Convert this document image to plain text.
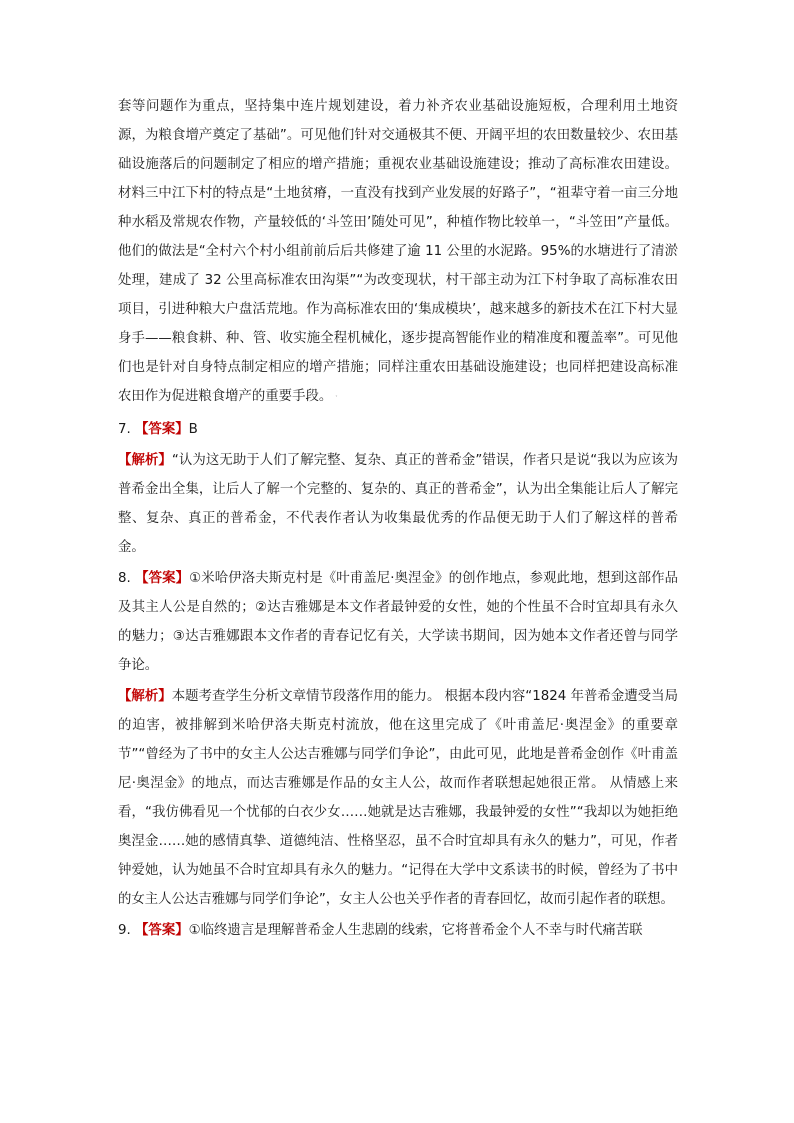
套等问题作为重点，坚持集中连片规划建设，着力补齐农业基础设施短板，合理利用土地资源，为粮食增产奠定了基础”。可见他们针对交通极其不便、开阔平坦的农田数量较少、农田基础设施落后的问题制定了相应的增产措施；重视农业基础设施建设；推动了高标准农田建设。 材料三中江下村的特点是“土地贫瘠，一直没有找到产业发展的好路子”，“祖辈守着一亩三分地种水稻及常规农作物，产量较低的‘斗笠田’随处可见”，种植作物比较单一，“斗笠田”产量低。他们的做法是“全村六个村小组前前后后共修建了逾 11 公里的水泥路。95%的水塘进行了清淤处理，建成了 32 公里高标准农田沟渠”“为改变现状，村干部主动为江下村争取了高标准农田项目，引进种粮大户盘活荒地。作为高标准农田的‘集成模块’，越来越多的新技术在江下村大显身手——粮食耕、种、管、收实施全程机械化，逐步提高智能作业的精准度和覆盖率”。可见他们也是针对自身特点制定相应的增产措施；同样注重农田基础设施建设；也同样把建设高标准农田作为促进粮食增产的重要手段。 ˑ

7. 【答案】B

【解析】“认为这无助于人们了解完整、复杂、真正的普希金”错误，作者只是说“我以为应该为普希金出全集，让后人了解一个完整的、复杂的、真正的普希金”，认为出全集能让后人了解完整、复杂、真正的普希金，不代表作者认为收集最优秀的作品便无助于人们了解这样的普希金。

8. 【答案】①米哈伊洛夫斯克村是《叶甫盖尼·奥涅金》的创作地点，参观此地，想到这部作品及其主人公是自然的；②达吉雅娜是本文作者最钟爱的女性，她的个性虽不合时宜却具有永久的魅力；③达吉雅娜跟本文作者的青春记忆有关，大学读书期间，因为她本文作者还曾与同学争论。

【解析】本题考查学生分析文章情节段落作用的能力。 根据本段内容“1824 年普希金遭受当局的迫害，被排解到米哈伊洛夫斯克村流放，他在这里完成了《叶甫盖尼·奥涅金》的重要章节”“曾经为了书中的女主人公达吉雅娜与同学们争论”，由此可见，此地是普希金创作《叶甫盖尼·奥涅金》的地点，而达吉雅娜是作品的女主人公，故而作者联想起她很正常。 从情感上来看，“我仿佛看见一个忧郁的白衣少女……她就是达吉雅娜，我最钟爱的女性”“我却以为她拒绝奥涅金……她的感情真挚、道德纯洁、性格坚忍，虽不合时宜却具有永久的魅力”，可见，作者钟爱她，认为她虽不合时宜却具有永久的魅力。“记得在大学中文系读书的时候，曾经为了书中的女主人公达吉雅娜与同学们争论”，女主人公也关乎作者的青春回忆，故而引起作者的联想。

9. 【答案】①临终遗言是理解普希金人生悲剧的线索，它将普希金个人不幸与时代痛苦联
